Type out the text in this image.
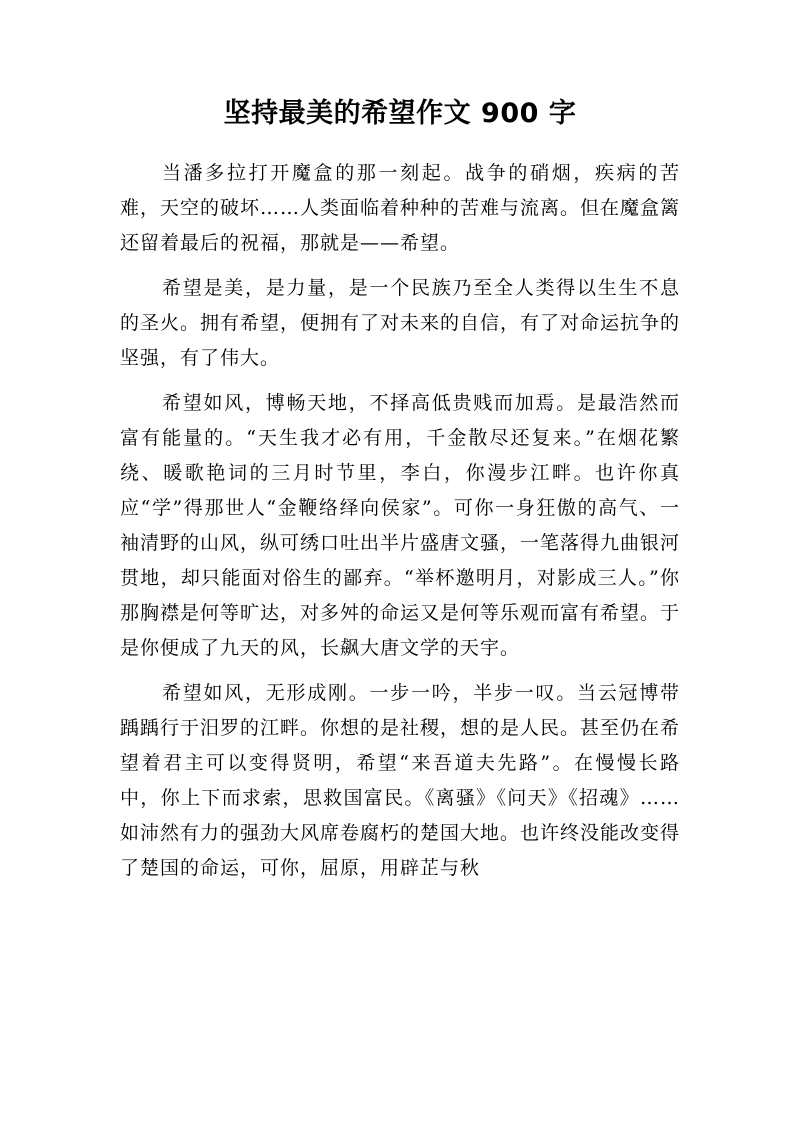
坚持最美的希望作文 900 字

当潘多拉打开魔盒的那一刻起。战争的硝烟，疾病的苦难，天空的破坏……人类面临着种种的苦难与流离。但在魔盒篱还留着最后的祝福，那就是——希望。

希望是美，是力量，是一个民族乃至全人类得以生生不息的圣火。拥有希望，便拥有了对未来的自信，有了对命运抗争的坚强，有了伟大。

希望如风，博畅天地，不择高低贵贱而加焉。是最浩然而富有能量的。“天生我才必有用，千金散尽还复来。”在烟花繁绕、暖歌艳词的三月时节里，李白，你漫步江畔。也许你真应“学”得那世人“金鞭络绎向侯家”。可你一身狂傲的高气、一袖清野的山风，纵可绣口吐出半片盛唐文骚，一笔落得九曲银河贯地，却只能面对俗生的鄙弃。“举杯邀明月，对影成三人。”你那胸襟是何等旷达，对多舛的命运又是何等乐观而富有希望。于是你便成了九天的风，长飙大唐文学的天宇。

希望如风，无形成刚。一步一吟，半步一叹。当云冠博带踽踽行于汨罗的江畔。你想的是社稷，想的是人民。甚至仍在希望着君主可以变得贤明，希望“来吾道夫先路”。在慢慢长路中，你上下而求索，思救国富民。《离骚》《问天》《招魂》……如沛然有力的强劲大风席卷腐朽的楚国大地。也许终没能改变得了楚国的命运，可你，屈原，用辟芷与秋
